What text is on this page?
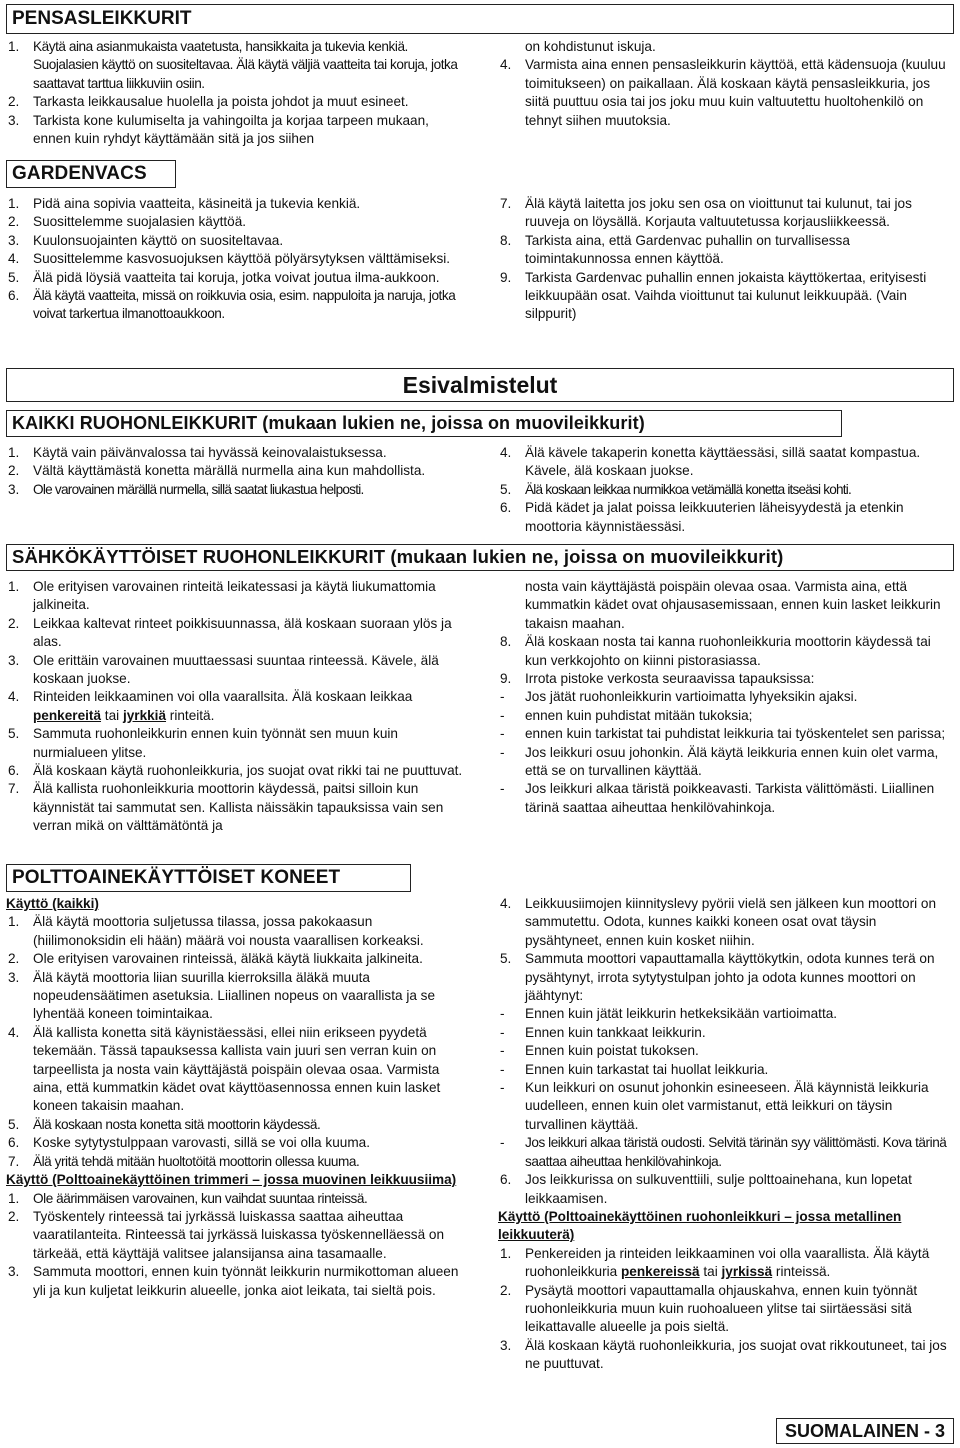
PENSASLEIKKURIT
1.	Käytä aina asianmukaista vaatetusta, hansikkaita ja tukevia kenkiä. Suojalasien käyttö on suositeltavaa. Älä käytä väljiä vaatteita tai koruja, jotka saattavat tarttua liikkuviin osiin.
2.	Tarkasta leikkausalue huolella ja poista johdot ja muut esineet.
3.	Tarkista kone kulumiselta ja vahingoilta ja korjaa tarpeen mukaan, ennen kuin ryhdyt käyttämään sitä ja jos siihen
on kohdistunut iskuja.
4.	Varmista aina ennen pensasleikkurin käyttöä, että kädensuoja (kuuluu toimitukseen) on paikallaan. Älä koskaan käytä pensasleikkuria, jos siitä puuttuu osia tai jos joku muu kuin valtuutettu huoltohenkilö on tehnyt siihen muutoksia.
GARDENVACS
1.	Pidä aina sopivia vaatteita, käsineitä ja tukevia kenkiä.
2.	Suosittelemme suojalasien käyttöä.
3.	Kuulonsuojainten käyttö on suositeltavaa.
4.	Suosittelemme kasvosuojuksen käyttöä pölyärsytyksen välttämiseksi.
5.	Älä pidä löysiä vaatteita tai koruja, jotka voivat joutua ilma-aukkoon.
6.	Älä käytä vaatteita, missä on roikkuvia osia, esim. nappuloita ja naruja, jotka voivat tarkertua ilmanottoaukkoon.
7.	Älä käytä laitetta jos joku sen osa on vioittunut tai kulunut, tai jos ruuveja on löysällä. Korjauta valtuutetussa korjausliikkeessä.
8.	Tarkista aina, että Gardenvac puhallin on turvallisessa toimintakunnossa ennen käyttöä.
9.	Tarkista Gardenvac puhallin ennen jokaista käyttökertaa, erityisesti leikkuupään osat. Vaihda vioittunut tai kulunut leikkuupää. (Vain silppurit)
Esivalmistelut
KAIKKI RUOHONLEIKKURIT (mukaan lukien ne, joissa on muovileikkurit)
1.	Käytä vain päivänvalossa tai hyvässä keinovalaistuksessa.
2.	Vältä käyttämästä konetta märällä nurmella aina kun mahdollista.
3.	Ole varovainen märällä nurmella, sillä saatat liukastua helposti.
4.	Älä kävele takaperin konetta käyttäessäsi, sillä saatat kompastua. Kävele, älä koskaan juokse.
5.	Älä koskaan leikkaa nurmikkoa vetämällä konetta itseäsi kohti.
6.	Pidä kädet ja jalat poissa leikkuuterien läheisyydestä ja etenkin moottoria käynnistäessäsi.
SÄHKÖKÄYTTÖISET RUOHONLEIKKURIT (mukaan lukien ne, joissa on muovileikkurit)
1.	Ole erityisen varovainen rinteitä leikatessasi ja käytä liukumattomia jalkineita.
2.	Leikkaa kaltevat rinteet poikkisuunnassa, älä koskaan suoraan ylös ja alas.
3.	Ole erittäin varovainen muuttaessasi suuntaa rinteessä. Kävele, älä koskaan juokse.
4.	Rinteiden leikkaaminen voi olla vaarallsita. Älä koskaan leikkaa penkereitä tai jyrkkiä rinteitä.
5.	Sammuta ruohonleikkurin ennen kuin työnnät sen muun kuin nurmialueen ylitse.
6.	Älä koskaan käytä ruohonleikkuria, jos suojat ovat rikki tai ne puuttuvat.
7.	Älä kallista ruohonleikkuria moottorin käydessä, paitsi silloin kun käynnistät tai sammutat sen. Kallista näissäkin tapauksissa vain sen verran mikä on välttämätöntä ja
nosta vain käyttäjästä poispäin olevaa osaa. Varmista aina, että kummatkin kädet ovat ohjausasemissaan, ennen kuin lasket leikkurin takaisn maahan.
8.	Älä koskaan nosta tai kanna ruohonleikkuria moottorin käydessä tai kun verkkojohto on kiinni pistorasiassa.
9.	Irrota pistoke verkosta seuraavissa tapauksissa:
-	Jos jätät ruohonleikkurin vartioimatta lyhyeksikin ajaksi.
-	ennen kuin puhdistat mitään tukoksia;
-	ennen kuin tarkistat tai puhdistat leikkuria tai työskentelet sen parissa;
-	Jos leikkuri osuu johonkin. Älä käytä leikkuria ennen kuin olet varma, että se on turvallinen käyttää.
-	Jos leikkuri alkaa täristä poikkeavasti. Tarkista välittömästi. Liiallinen tärinä saattaa aiheuttaa henkilövahinkoja.
POLTTOAINEKÄYTTÖISET KONEET
Käyttö (kaikki)
1.	Älä käytä moottoria suljetussa tilassa, jossa pakokaasun (hiilimonoksidin eli hään) määrä voi nousta vaarallisen korkeaksi.
2.	Ole erityisen varovainen rinteissä, äläkä käytä liukkaita jalkineita.
3.	Älä käytä moottoria liian suurilla kierroksilla äläkä muuta nopeudensäätimen asetuksia. Liiallinen nopeus on vaarallista ja se lyhentää koneen toimintaikaa.
4.	Älä kallista konetta sitä käynistäessäsi, ellei niin erikseen pyydetä tekemään. Tässä tapauksessa kallista vain juuri sen verran kuin on tarpeellista ja nosta vain käyttäjästä poispäin olevaa osaa. Varmista aina, että kummatkin kädet ovat käyttöasennossa ennen kuin lasket koneen takaisin maahan.
5.	Älä koskaan nosta konetta sitä moottorin käydessä.
6.	Koske sytytystulppaan varovasti, sillä se voi olla kuuma.
7.	Älä yritä tehdä mitään huoltotöitä moottorin ollessa kuuma.
Käyttö (Polttoainekäyttöinen trimmeri – jossa muovinen leikkuusiima)
1.	Ole äärimmäisen varovainen, kun vaihdat suuntaa rinteissä.
2.	Työskentely rinteessä tai jyrkässä luiskassa saattaa aiheuttaa vaaratilanteita. Rinteessä tai jyrkässä luiskassa työskennelläessä on tärkeää, että käyttäjä valitsee jalansijansa aina tasamaalle.
3.	Sammuta moottori, ennen kuin työnnät leikkurin nurmikottoman alueen yli ja kun kuljetat leikkurin alueelle, jonka aiot leikata, tai sieltä pois.
4.	Leikkuusiimojen kiinnityslevy pyörii vielä sen jälkeen kun moottori on sammutettu. Odota, kunnes kaikki koneen osat ovat täysin pysähtyneet, ennen kuin kosket niihin.
5.	Sammuta moottori vapauttamalla käyttökytkin, odota kunnes terä on pysähtynyt, irrota sytytystulpan johto ja odota kunnes moottori on jäähtynyt:
-	Ennen kuin jätät leikkurin hetkeksikään vartioimatta.
-	Ennen kuin tankkaat leikkurin.
-	Ennen kuin poistat tukoksen.
-	Ennen kuin tarkastat tai huollat leikkuria.
-	Kun leikkuri on osunut johonkin esineeseen. Älä käynnistä leikkuria uudelleen, ennen kuin olet varmistanut, että leikkuri on täysin turvallinen käyttää.
-	Jos leikkuri alkaa täristä oudosti. Selvitä tärinän syy välittömästi. Kova tärinä saattaa aiheuttaa henkilövahinkoja.
6.	Jos leikkurissa on sulkuventtiili, sulje polttoainehana, kun lopetat leikkaamisen.
Käyttö (Polttoainekäyttöinen ruohonleikkuri – jossa metallinen leikkuuterä)
1.	Penkereiden ja rinteiden leikkaaminen voi olla vaarallista. Älä käytä ruohonleikkuria penkereissä tai jyrkissä rinteissä.
2.	Pysäytä moottori vapauttamalla ohjauskahva, ennen kuin työnnät ruohonleikkuria muun kuin ruohoalueen ylitse tai siirtäessäsi sitä leikattavalle alueelle ja pois sieltä.
3.	Älä koskaan käytä ruohonleikkuria, jos suojat ovat rikkoutuneet, tai jos ne puuttuvat.
SUOMALAINEN - 3
